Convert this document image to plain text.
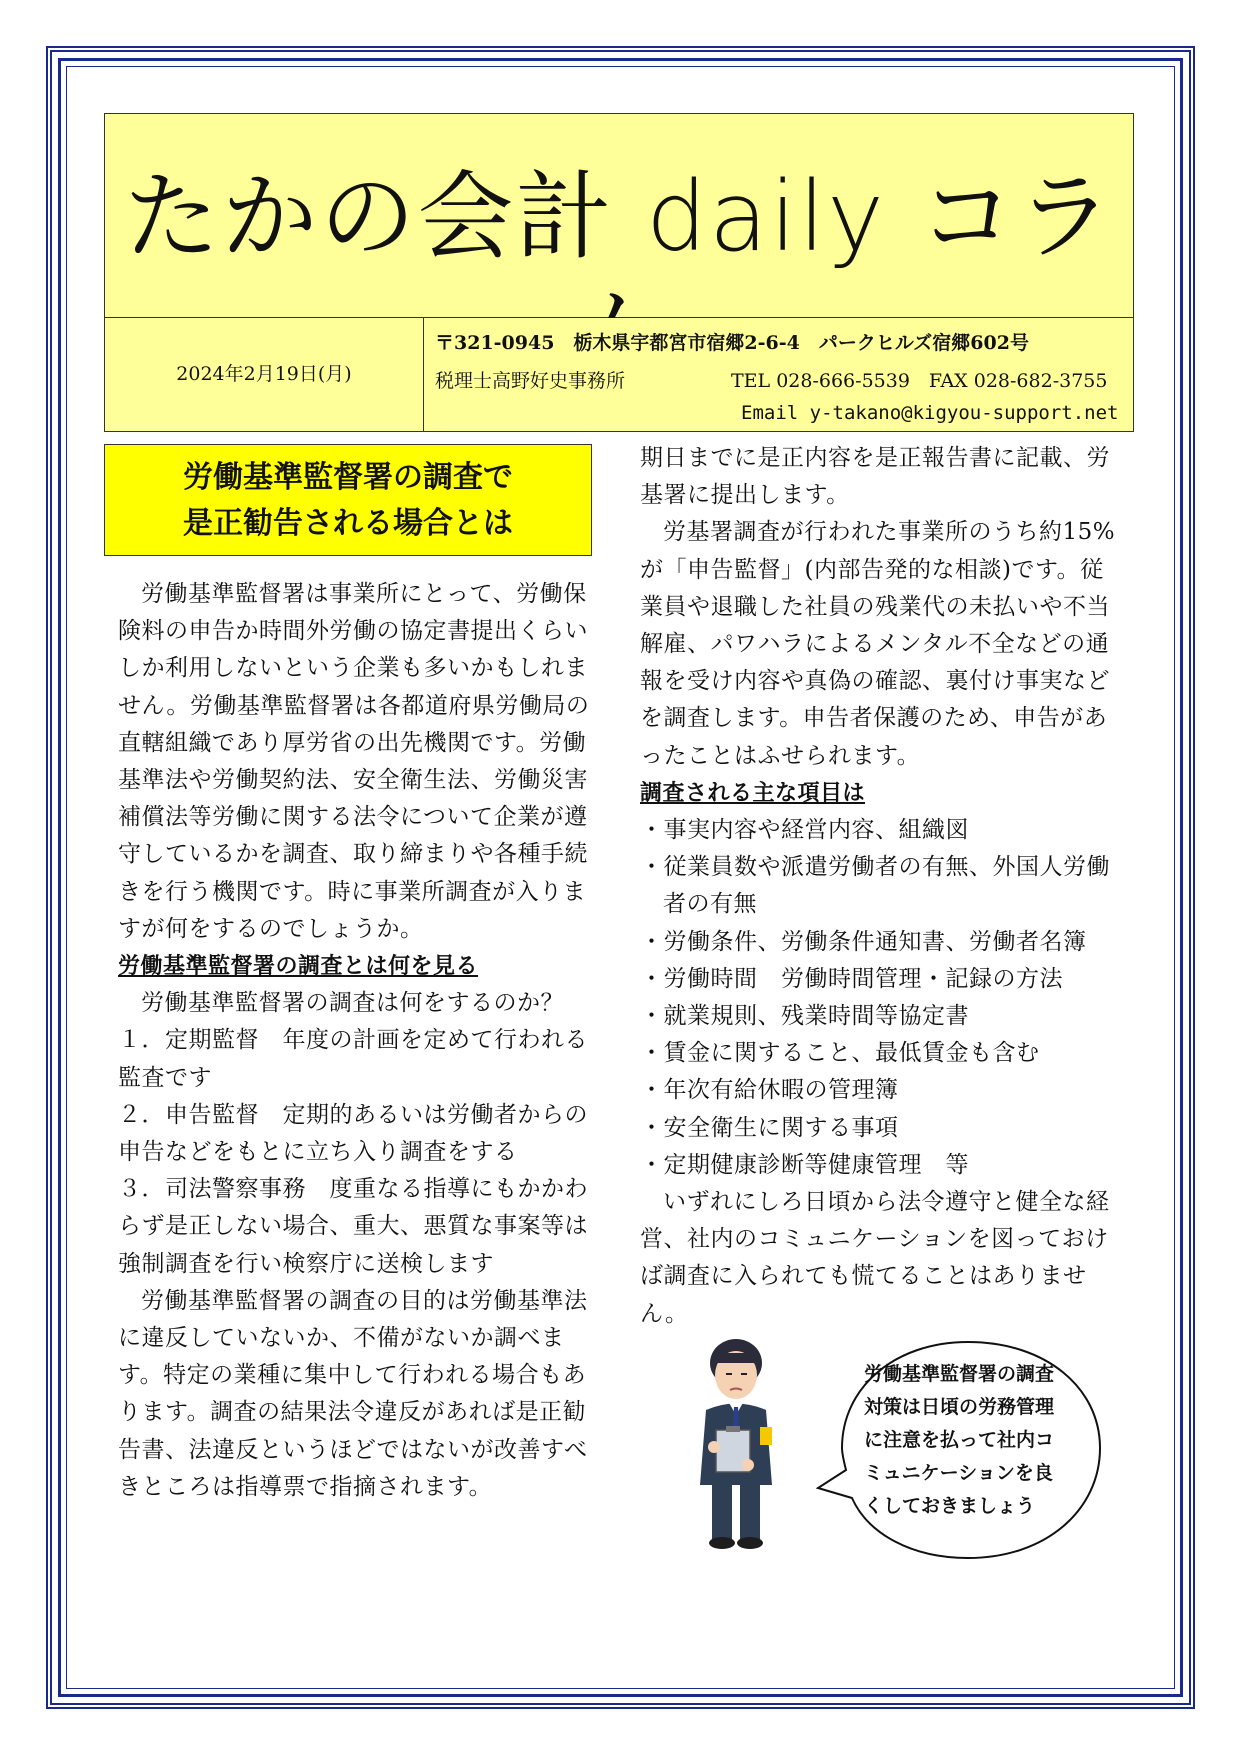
たかの会計 daily コラ
2024年2月19日(月)
〒321-0945　栃木県宇都宮市宿郷2-6-4　パークヒルズ宿郷602号
税理士高野好史事務所	TEL 028-666-5539　FAX 028-682-3755
Email y-takano@kigyou-support.net
労働基準監督署の調査で
是正勧告される場合とは

労働基準監督署は事業所にとって、労働保険料の申告か時間外労働の協定書提出くらいしか利用しないという企業も多いかもしれません。労働基準監督署は各都道府県労働局の直轄組織であり厚労省の出先機関です。労働基準法や労働契約法、安全衛生法、労働災害補償法等労働に関する法令について企業が遵守しているかを調査、取り締まりや各種手続きを行う機関です。時に事業所調査が入りますが何をするのでしょうか。

労働基準監督署の調査とは何を見る

労働基準監督署の調査は何をするのか？

１．定期監督　年度の計画を定めて行われる監査です

２．申告監督　定期的あるいは労働者からの申告などをもとに立ち入り調査をする

３．司法警察事務　度重なる指導にもかかわらず是正しない場合、重大、悪質な事案等は強制調査を行い検察庁に送検します

労働基準監督署の調査の目的は労働基準法に違反していないか、不備がないか調べます。特定の業種に集中して行われる場合もあります。調査の結果法令違反があれば是正勧告書、法違反というほどではないが改善すべきところは指導票で指摘されます。

期日までに是正内容を是正報告書に記載、労基署に提出します。

労基署調査が行われた事業所のうち約15%が「申告監督」(内部告発的な相談)です。従業員や退職した社員の残業代の未払いや不当解雇、パワハラによるメンタル不全などの通報を受け内容や真偽の確認、裏付け事実などを調査します。申告者保護のため、申告があったことはふせられます。

調査される主な項目は

・事実内容や経営内容、組織図

・従業員数や派遣労働者の有無、外国人労働者の有無

・労働条件、労働条件通知書、労働者名簿

・労働時間　労働時間管理・記録の方法

・就業規則、残業時間等協定書

・賃金に関すること、最低賃金も含む

・年次有給休暇の管理簿

・安全衛生に関する事項

・定期健康診断等健康管理　等

いずれにしろ日頃から法令遵守と健全な経営、社内のコミュニケーションを図っておけば調査に入られても慌てることはありません。

労働基準監督署の調査
対策は日頃の労務管理
に注意を払って社内コ
ミュニケーションを良
くしておきましょう
